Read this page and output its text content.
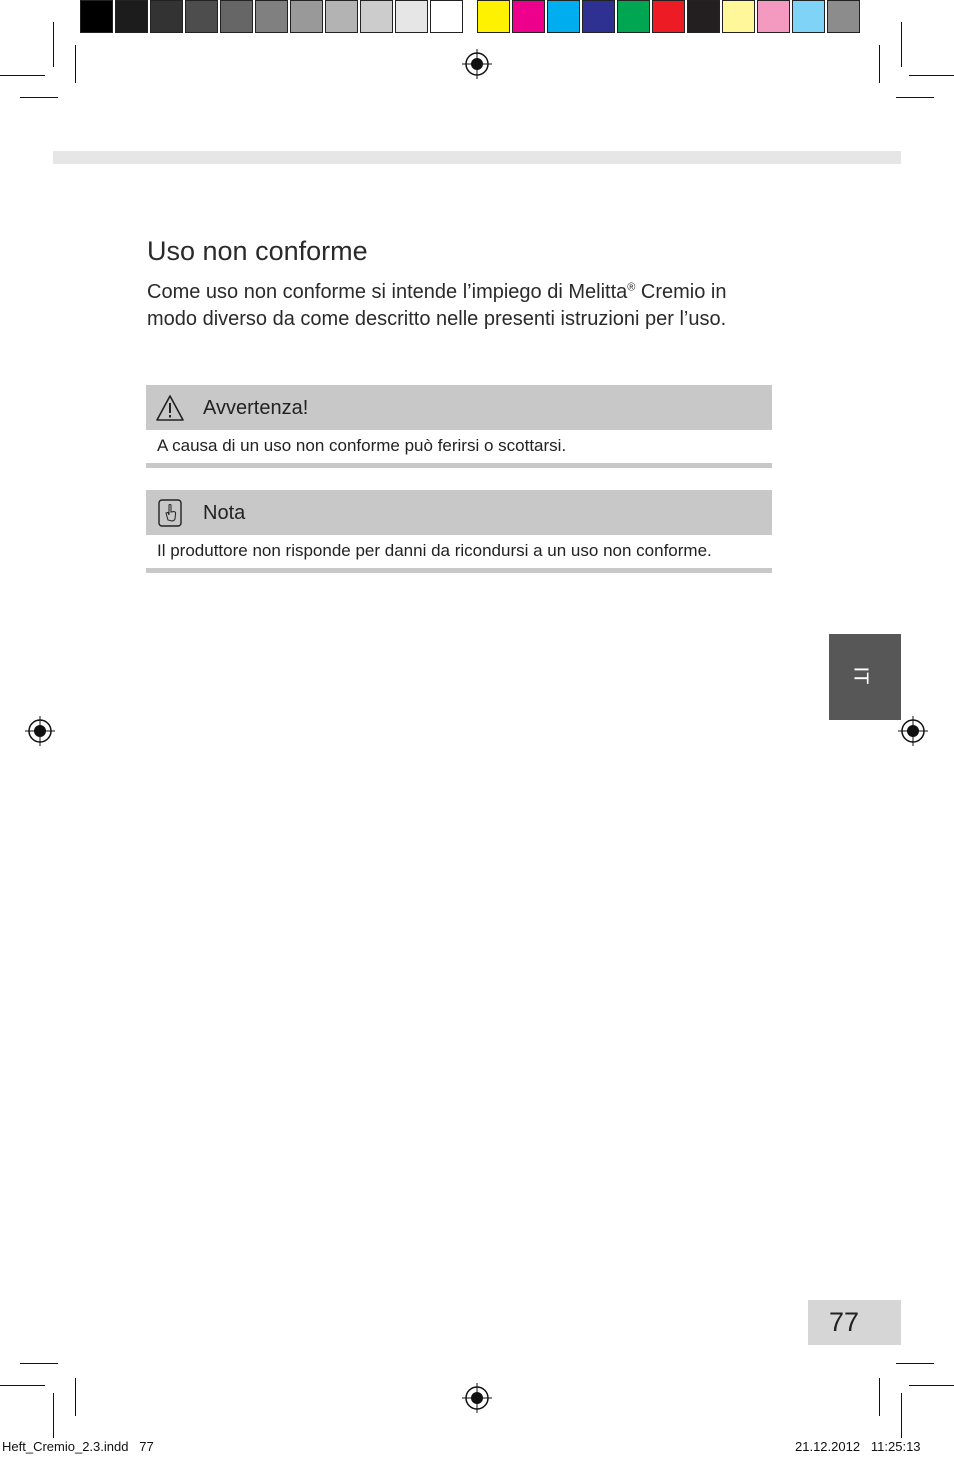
Uso non conforme

Come uso non conforme si intende l’impiego di Melitta® Cremio in modo diverso da come descritto nelle presenti istruzioni per l’uso.

Avvertenza!
A causa di un uso non conforme può ferirsi o scottarsi.
Nota
Il produttore non risponde per danni da ricondursi a un uso non conforme.
IT
77
Heft_Cremio_2.3.indd   77	21.12.2012   11:25:13
